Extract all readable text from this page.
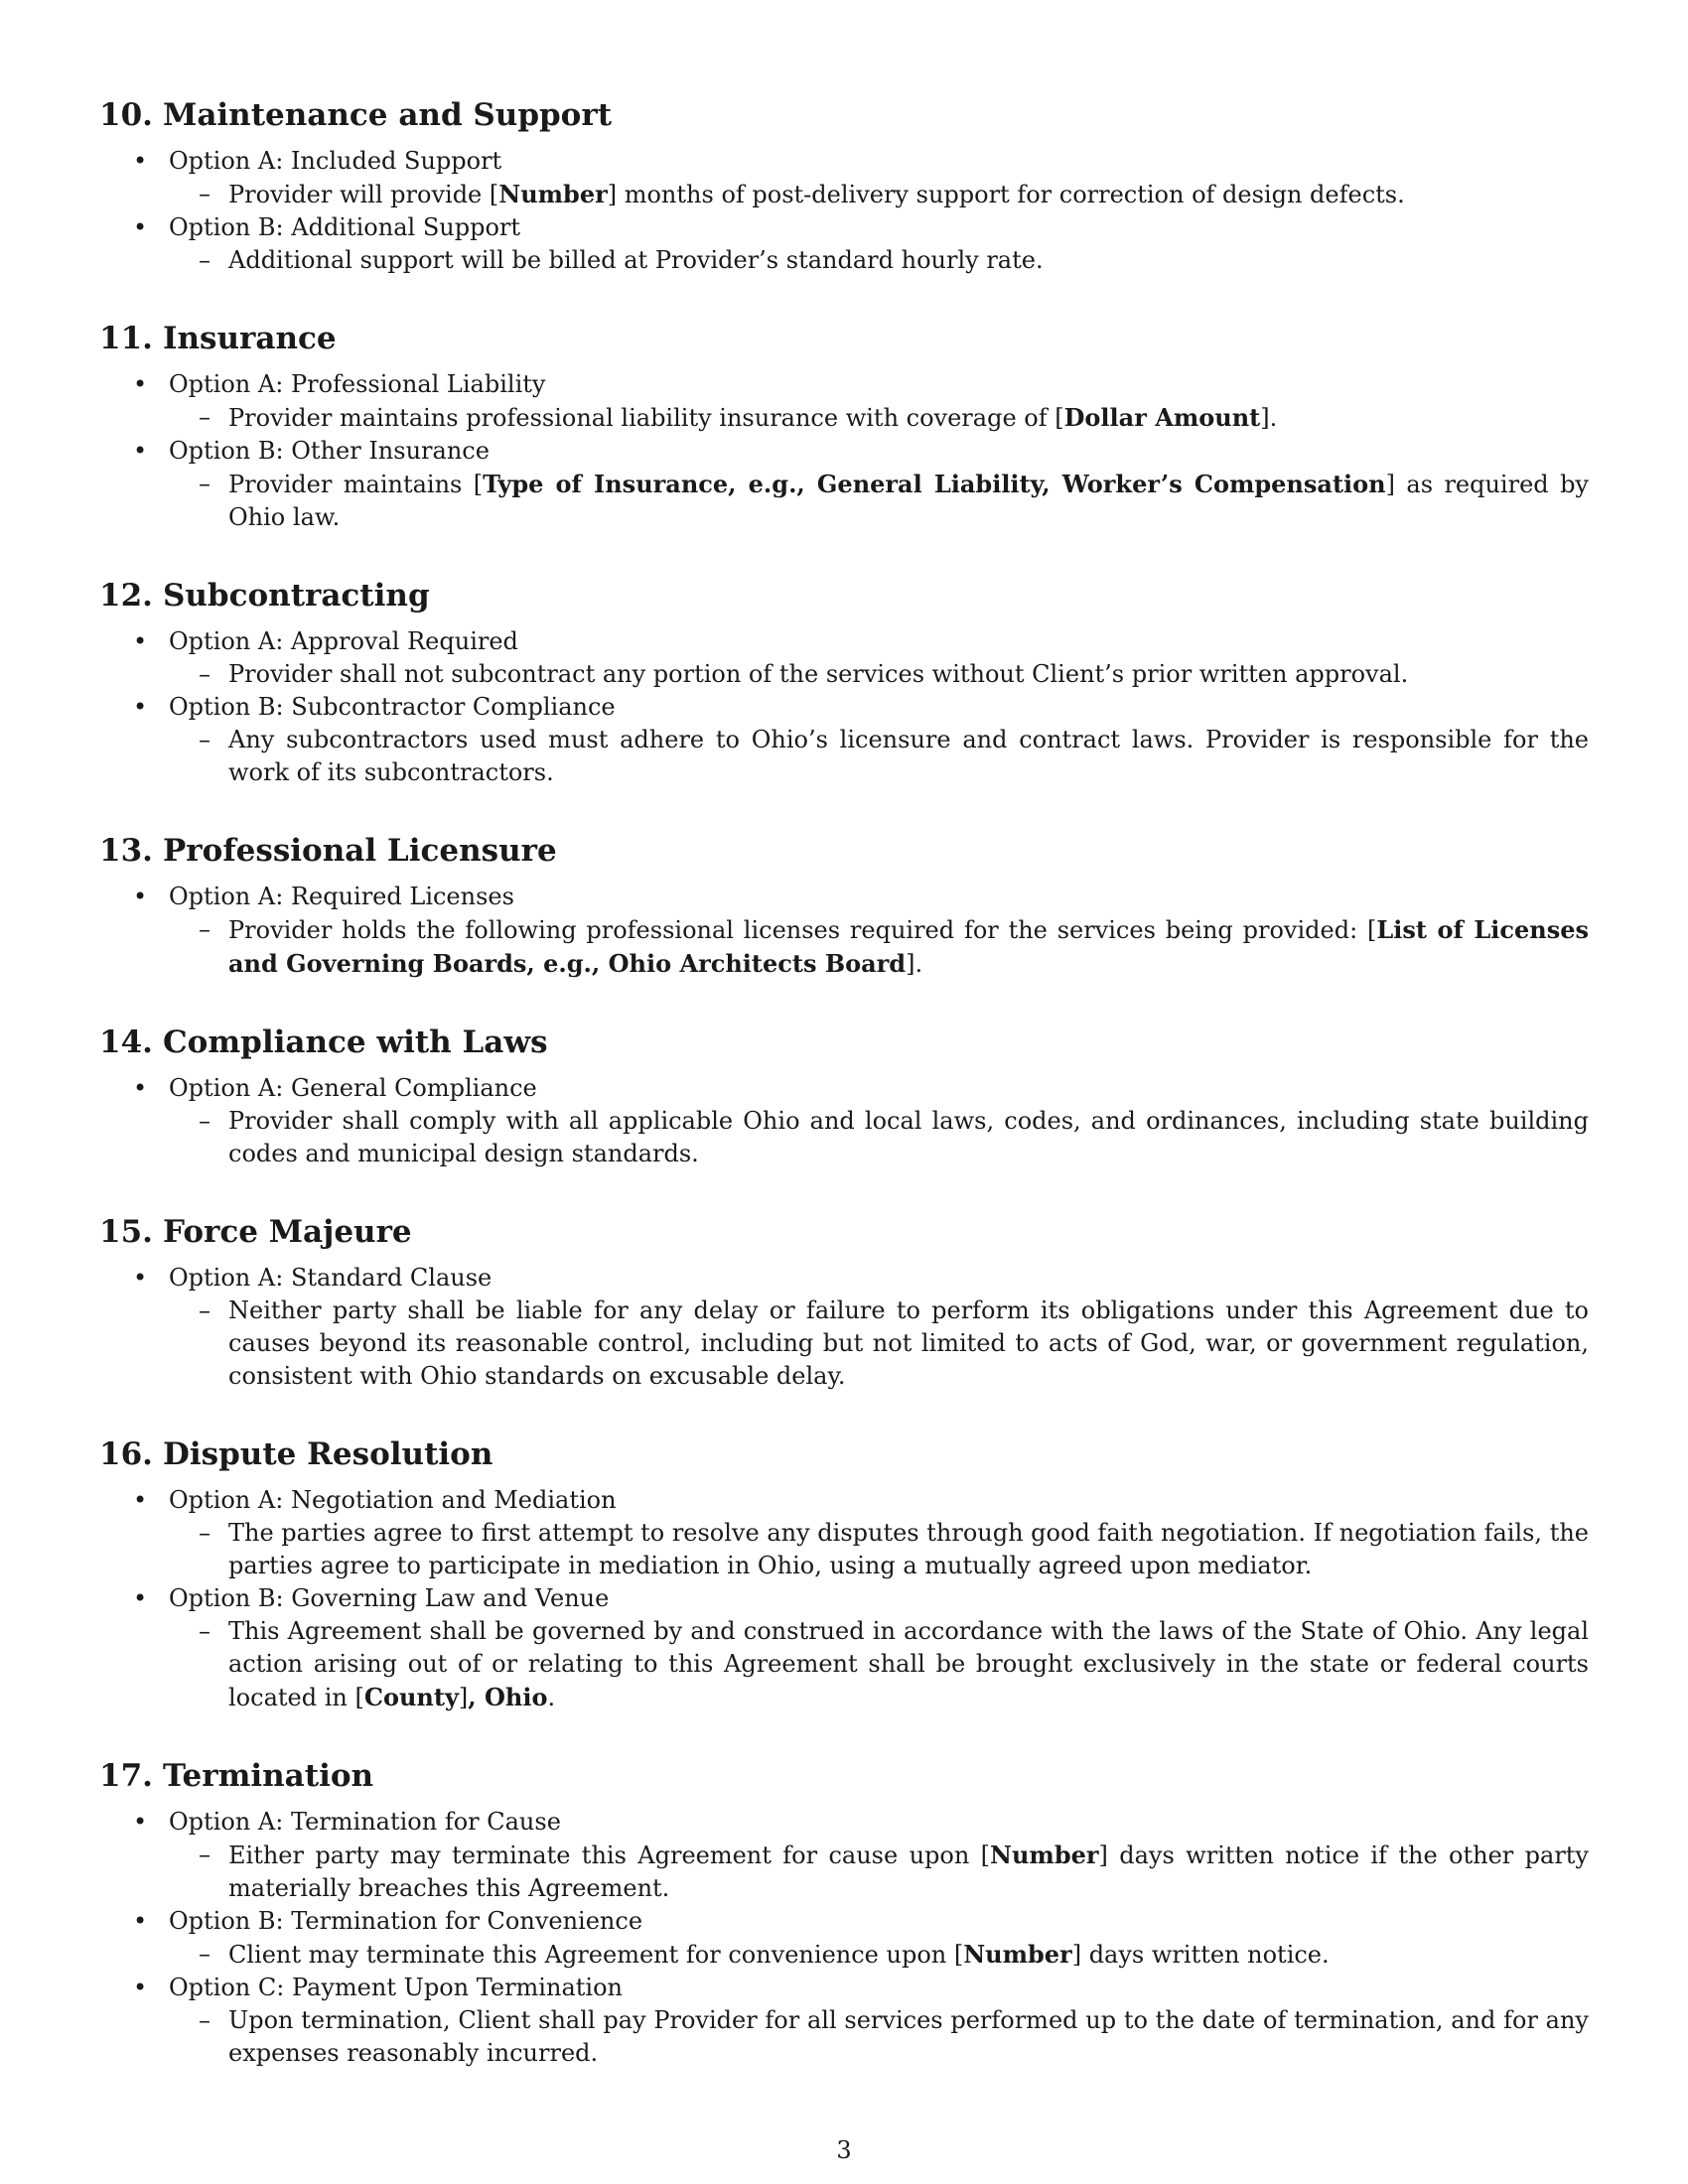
10. Maintenance and Support
• Option A: Included Support
– Provider will provide [Number] months of post-delivery support for correction of design defects.
• Option B: Additional Support
– Additional support will be billed at Provider’s standard hourly rate.
11. Insurance
• Option A: Professional Liability
– Provider maintains professional liability insurance with coverage of [Dollar Amount].
• Option B: Other Insurance
– Provider maintains [Type of Insurance, e.g., General Liability, Worker’s Compensation] as required by Ohio law.
12. Subcontracting
• Option A: Approval Required
– Provider shall not subcontract any portion of the services without Client’s prior written approval.
• Option B: Subcontractor Compliance
– Any subcontractors used must adhere to Ohio’s licensure and contract laws. Provider is responsible for the work of its subcontractors.
13. Professional Licensure
• Option A: Required Licenses
– Provider holds the following professional licenses required for the services being provided: [List of Licenses and Governing Boards, e.g., Ohio Architects Board].
14. Compliance with Laws
• Option A: General Compliance
– Provider shall comply with all applicable Ohio and local laws, codes, and ordinances, including state building codes and municipal design standards.
15. Force Majeure
• Option A: Standard Clause
– Neither party shall be liable for any delay or failure to perform its obligations under this Agreement due to causes beyond its reasonable control, including but not limited to acts of God, war, or government regulation, consistent with Ohio standards on excusable delay.
16. Dispute Resolution
• Option A: Negotiation and Mediation
– The parties agree to first attempt to resolve any disputes through good faith negotiation. If negotiation fails, the parties agree to participate in mediation in Ohio, using a mutually agreed upon mediator.
• Option B: Governing Law and Venue
– This Agreement shall be governed by and construed in accordance with the laws of the State of Ohio. Any legal action arising out of or relating to this Agreement shall be brought exclusively in the state or federal courts located in [County], Ohio.
17. Termination
• Option A: Termination for Cause
– Either party may terminate this Agreement for cause upon [Number] days written notice if the other party materially breaches this Agreement.
• Option B: Termination for Convenience
– Client may terminate this Agreement for convenience upon [Number] days written notice.
• Option C: Payment Upon Termination
– Upon termination, Client shall pay Provider for all services performed up to the date of termination, and for any expenses reasonably incurred.
3
